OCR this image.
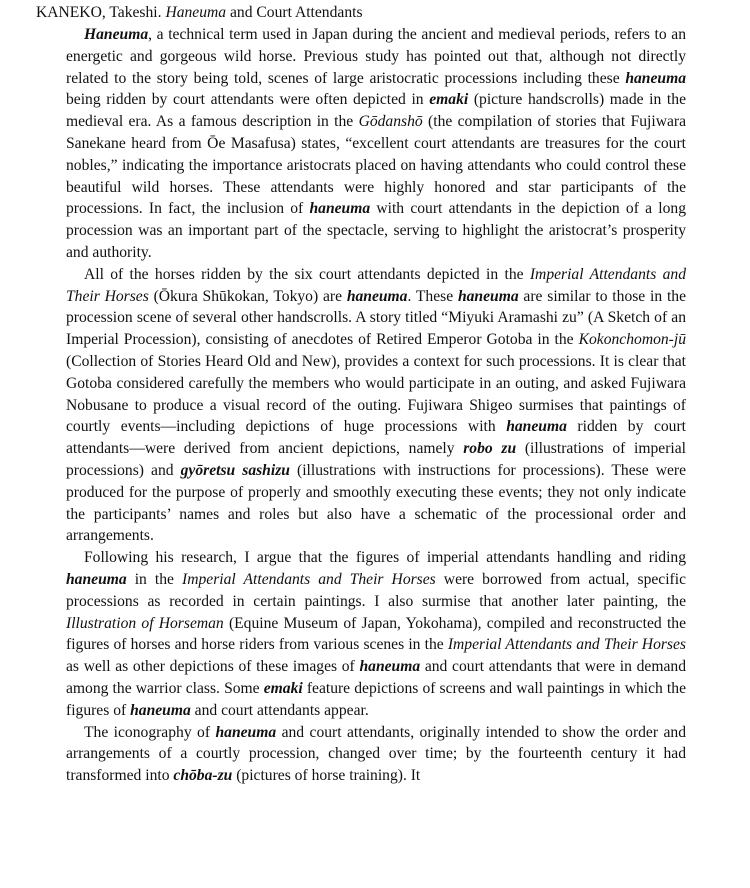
KANEKO, Takeshi. Haneuma and Court Attendants

Haneuma, a technical term used in Japan during the ancient and medieval periods, refers to an energetic and gorgeous wild horse. Previous study has pointed out that, although not directly related to the story being told, scenes of large aristocratic processions including these haneuma being ridden by court attendants were often depicted in emaki (picture handscrolls) made in the medieval era. As a famous description in the Gōdanshō (the compilation of stories that Fujiwara Sanekane heard from Ōe Masafusa) states, “excellent court attendants are treasures for the court nobles,” indicating the importance aristocrats placed on having attendants who could control these beautiful wild horses. These attendants were highly honored and star participants of the processions. In fact, the inclusion of haneuma with court attendants in the depiction of a long procession was an important part of the spectacle, serving to highlight the aristocrat’s prosperity and authority.

All of the horses ridden by the six court attendants depicted in the Imperial Attendants and Their Horses (Ōkura Shūkokan, Tokyo) are haneuma. These haneuma are similar to those in the procession scene of several other handscrolls. A story titled “Miyuki Aramashi zu” (A Sketch of an Imperial Procession), consisting of anecdotes of Retired Emperor Gotoba in the Kokonchomon-jū (Collection of Stories Heard Old and New), provides a context for such processions. It is clear that Gotoba considered carefully the members who would participate in an outing, and asked Fujiwara Nobusane to produce a visual record of the outing. Fujiwara Shigeo surmises that paintings of courtly events—including depictions of huge processions with haneuma ridden by court attendants—were derived from ancient depictions, namely robo zu (illustrations of imperial processions) and gyōretsu sashizu (illustrations with instructions for processions). These were produced for the purpose of properly and smoothly executing these events; they not only indicate the participants’ names and roles but also have a schematic of the processional order and arrangements.

Following his research, I argue that the figures of imperial attendants handling and riding haneuma in the Imperial Attendants and Their Horses were borrowed from actual, specific processions as recorded in certain paintings. I also surmise that another later painting, the Illustration of Horseman (Equine Museum of Japan, Yokohama), compiled and reconstructed the figures of horses and horse riders from various scenes in the Imperial Attendants and Their Horses as well as other depictions of these images of haneuma and court attendants that were in demand among the warrior class. Some emaki feature depictions of screens and wall paintings in which the figures of haneuma and court attendants appear.

The iconography of haneuma and court attendants, originally intended to show the order and arrangements of a courtly procession, changed over time; by the fourteenth century it had transformed into chōba-zu (pictures of horse training). It
